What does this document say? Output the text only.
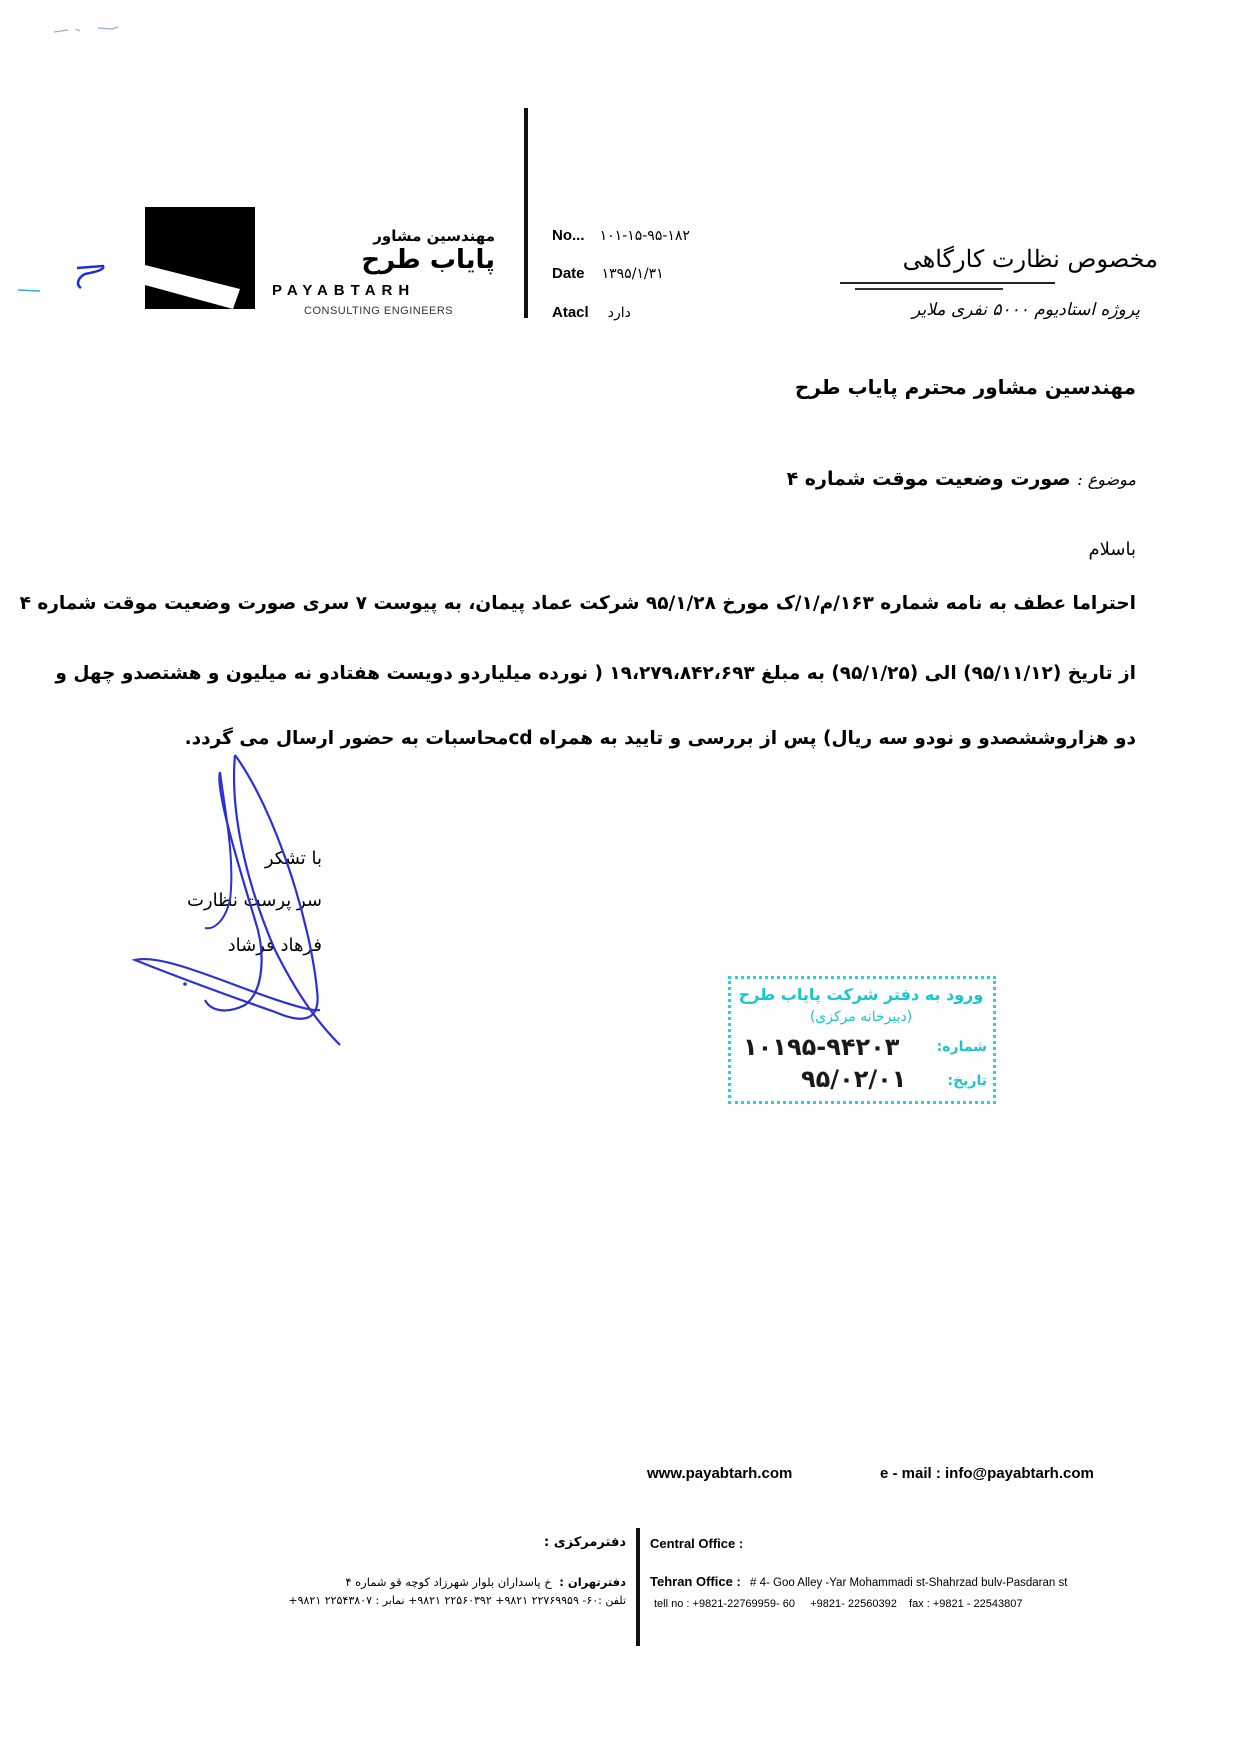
مهندسین مشاور
پایاب طرح
PAYABTARH
CONSULTING ENGINEERS
No... ۱۰۱-۱۵-۹۵-۱۸۲
Date ۱۳۹۵/۱/۳۱
Atacl دارد
مخصوص نظارت کارگاهی
پروژه استادیوم ۵۰۰۰ نفری ملایر
مهندسین مشاور محترم پایاب طرح
موضوع : صورت وضعیت موقت شماره ۴
باسلام
احتراما عطف به نامه شماره ۱۶۳/م/۱/ک مورخ ۹۵/۱/۲۸ شرکت عماد پیمان، به پیوست ۷ سری صورت وضعیت موقت شماره ۴
از تاریخ (۹۵/۱۱/۱۲) الی (۹۵/۱/۲۵) به مبلغ ۱۹،۲۷۹،۸۴۲،۶۹۳ ( نورده میلیاردو دویست هفتادو نه میلیون و هشتصدو چهل و
دو هزاروششصدو و نودو سه ریال) پس از بررسی و تایید به همراه cdمحاسبات به حضور ارسال می گردد.
با تشکر
سر پرست نظارت
فرهاد فرشاد
ورود به دفتر شرکت پایاب طرح
(دبیرخانه مرکزی)
شماره:
۱۰۱۹۵-۹۴۲۰۳
تاریخ:
۹۵/۰۲/۰۱
www.payabtarh.com	e - mail : info@payabtarh.com
Central Office :
Tehran Office : # 4- Goo Alley -Yar Mohammadi st-Shahrzad bulv-Pasdaran st
tell no : +9821-22769959- 60     +9821- 22560392    fax : +9821 - 22543807
دفترمرکزی :
دفترتهران : خ پاسداران بلوار شهرزاد کوچه قو شماره ۴
تلفن :۶۰- ۲۲۷۶۹۹۵۹ ۹۸۲۱+ ۲۲۵۶۰۳۹۲ ۹۸۲۱+ نمابر : ۲۲۵۴۳۸۰۷ ۹۸۲۱+
